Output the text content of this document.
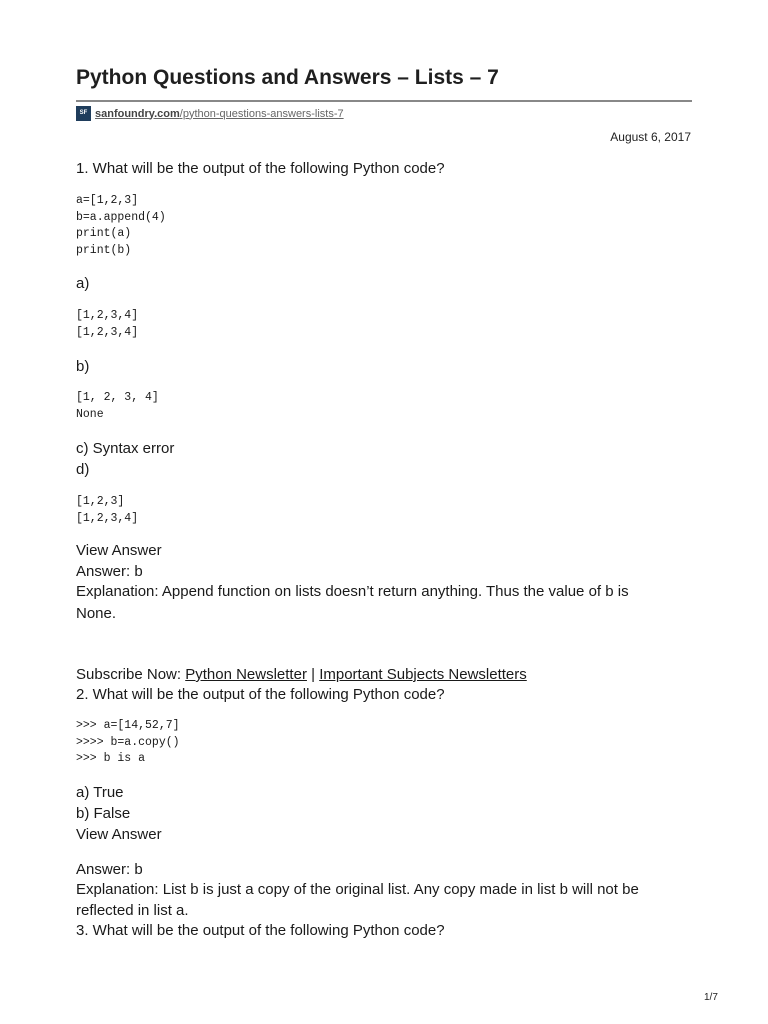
Python Questions and Answers – Lists – 7
SF sanfoundry.com/python-questions-answers-lists-7
August 6, 2017
1. What will be the output of the following Python code?
a=[1,2,3]
b=a.append(4)
print(a)
print(b)
a)
[1,2,3,4]
[1,2,3,4]
b)
[1, 2, 3, 4]
None
c) Syntax error
d)
[1,2,3]
[1,2,3,4]
View Answer
Answer: b
Explanation: Append function on lists doesn’t return anything. Thus the value of b is
None.
Subscribe Now: Python Newsletter | Important Subjects Newsletters
2. What will be the output of the following Python code?
>>> a=[14,52,7]
>>>> b=a.copy()
>>> b is a
a) True
b) False
View Answer
Answer: b
Explanation: List b is just a copy of the original list. Any copy made in list b will not be
reflected in list a.
3. What will be the output of the following Python code?
1/7
